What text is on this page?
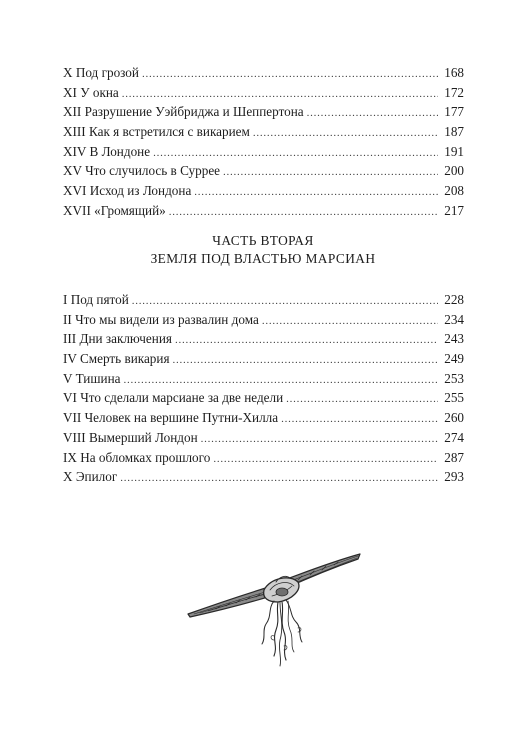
X Под грозой . . .	168
XI У окна . . .	172
XII Разрушение Уэйбриджа и Шеппертона . . .	177
XIII Как я встретился с викарием . . .	187
XIV В Лондоне . . .	191
XV Что случилось в Суррее . . .	200
XVI Исход из Лондона . . .	208
XVII «Громящий» . . .	217
ЧАСТЬ ВТОРАЯ
ЗЕМЛЯ ПОД ВЛАСТЬЮ МАРСИАН
I Под пятой . . .	228
II Что мы видели из развалин дома . . .	234
III Дни заключения . . .	243
IV Смерть викария . . .	249
V Тишина . . .	253
VI Что сделали марсиане за две недели . . .	255
VII Человек на вершине Путни-Хилла . . .	260
VIII Вымерший Лондон . . .	274
IX На обломках прошлого . . .	287
X Эпилог . . .	293
